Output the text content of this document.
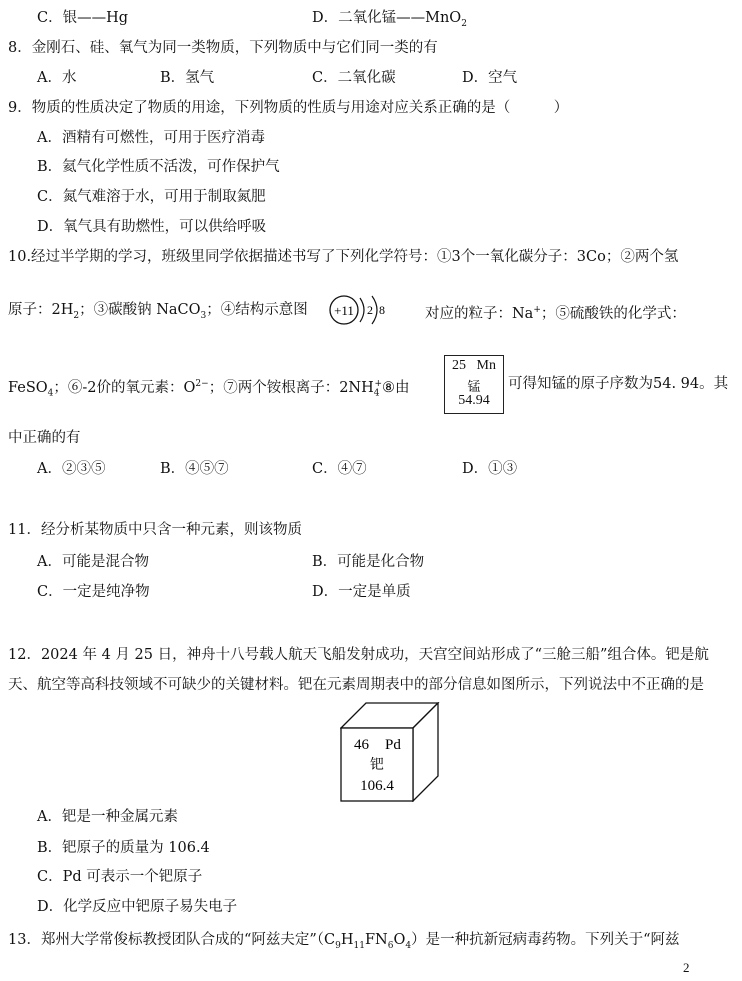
C．银——Hg	D．二氧化锰——MnO$_2$
8．金刚石、硅、氧气为同一类物质，下列物质中与它们同一类的有
A．水	B．氢气	C．二氧化碳	D．空气
9．物质的性质决定了物质的用途，下列物质的性质与用途对应关系正确的是（　　　）
A．酒精有可燃性，可用于医疗消毒
B．氦气化学性质不活泼，可作保护气
C．氮气难溶于水，可用于制取氮肥
D．氧气具有助燃性，可以供给呼吸
10.经过半学期的学习，班级里同学依据描述书写了下列化学符号：①3个一氧化碳分子：3Co；②两个氢
原子：$2H_2$；③碳酸钠 NaCO$_3$；④结构示意图 +11 2 8	对应的粒子：Na+；⑤硫酸铁的化学式：
FeSO$_4$；⑥-2价的氧元素：$O^{2-}$；⑦两个铵根离子：$2NH_4^+⑧$由
25 Mn
锰
54.94
可得知锰的原子序数为54. 94。其
中正确的有
A．②③⑤	B．④⑤⑦	C．④⑦	D．①③
11．经分析某物质中只含一种元素，则该物质
A．可能是混合物	B．可能是化合物
C．一定是纯净物	D．一定是单质
12．2024 年 4 月 25 日，神舟十八号载人航天飞船发射成功，天宫空间站形成了“三舱三船”组合体。钯是航
天、航空等高科技领域不可缺少的关键材料。钯在元素周期表中的部分信息如图所示，下列说法中不正确的是
46 Pd
钯
106.4
A．钯是一种金属元素
B．钯原子的质量为 106.4
C．Pd 可表示一个钯原子
D．化学反应中钯原子易失电子
13．郑州大学常俊标教授团队合成的“阿兹夫定$”(C_9H_{11}FN_6O_4)$是一种抗新冠病毒药物。下列关于“阿兹
2
